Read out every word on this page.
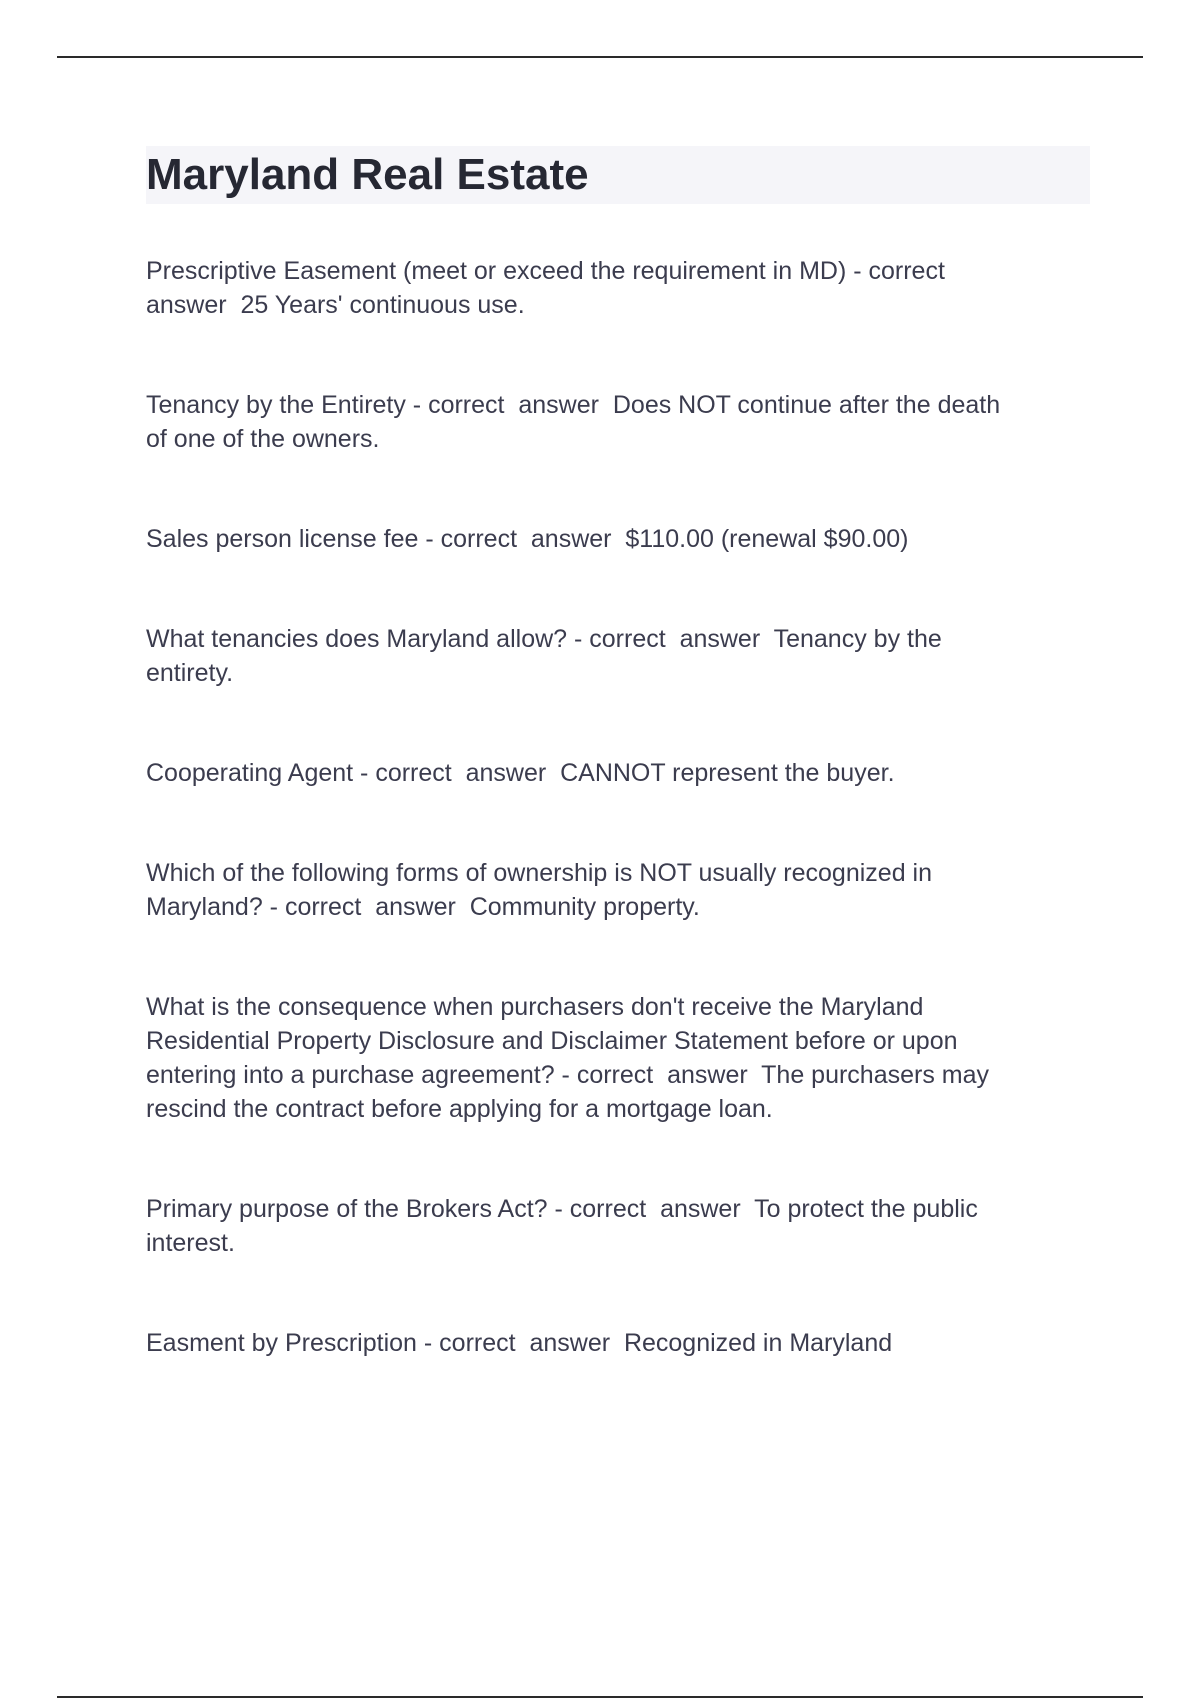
Maryland Real Estate
Prescriptive Easement (meet or exceed the requirement in MD) - correct
answer  25 Years' continuous use.
Tenancy by the Entirety - correct  answer  Does NOT continue after the death
of one of the owners.
Sales person license fee - correct  answer  $110.00 (renewal $90.00)
What tenancies does Maryland allow? - correct  answer  Tenancy by the
entirety.
Cooperating Agent - correct  answer  CANNOT represent the buyer.
Which of the following forms of ownership is NOT usually recognized in
Maryland? - correct  answer  Community property.
What is the consequence when purchasers don't receive the Maryland
Residential Property Disclosure and Disclaimer Statement before or upon
entering into a purchase agreement? - correct  answer  The purchasers may
rescind the contract before applying for a mortgage loan.
Primary purpose of the Brokers Act? - correct  answer  To protect the public
interest.
Easment by Prescription - correct  answer  Recognized in Maryland
